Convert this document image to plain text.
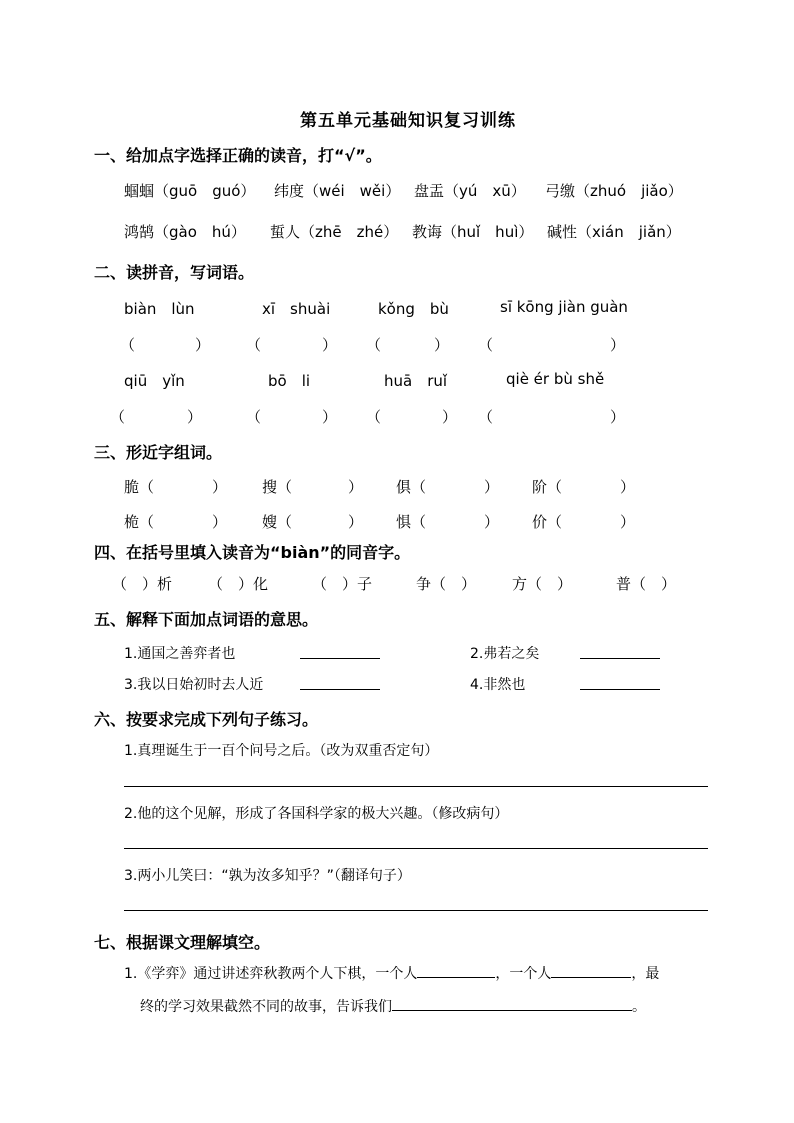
第五单元基础知识复习训练
一、给加点字选择正确的读音，打“√”。
蝈蝈（guō　guó） 纬度（wéi　wěi） 盘盂（yú　xū） 弓缴（zhuó　jiǎo）
鸿鹄（gào　hú） 蜇人（zhē　zhé） 教诲（huǐ　huì） 碱性（xián　jiǎn）
二、读拼音，写词语。
biàn　lùn	xī　shuài	kǒng　bù	sī kōng jiàn guàn
（	） （	） （	） （	）
qiū　yǐn	bō　li	huā　ruǐ	qiè ér bù shě
（	）	（	） （	） （	）
三、形近字组词。
脆（	） 搜（	） 俱（	） 阶（	）
桅（	） 嫂（	） 惧（	） 价（	）
四、在括号里填入读音为“biàn”的同音字。
（　）析 （　）化	（　）子	争（　） 方（　）	普（　）
五、解释下面加点词语的意思。
1.通国之善弈者也	2.弗若之矣
3.我以日始初时去人近	4.非然也
六、按要求完成下列句子练习。
1.真理诞生于一百个问号之后。（改为双重否定句）
2.他的这个见解，形成了各国科学家的极大兴趣。（修改病句）
3.两小儿笑曰：“孰为汝多知乎？”（翻译句子）
七、根据课文理解填空。
1.《学弈》通过讲述弈秋教两个人下棋，一个人	，一个人	，最
终的学习效果截然不同的故事，告诉我们	。
